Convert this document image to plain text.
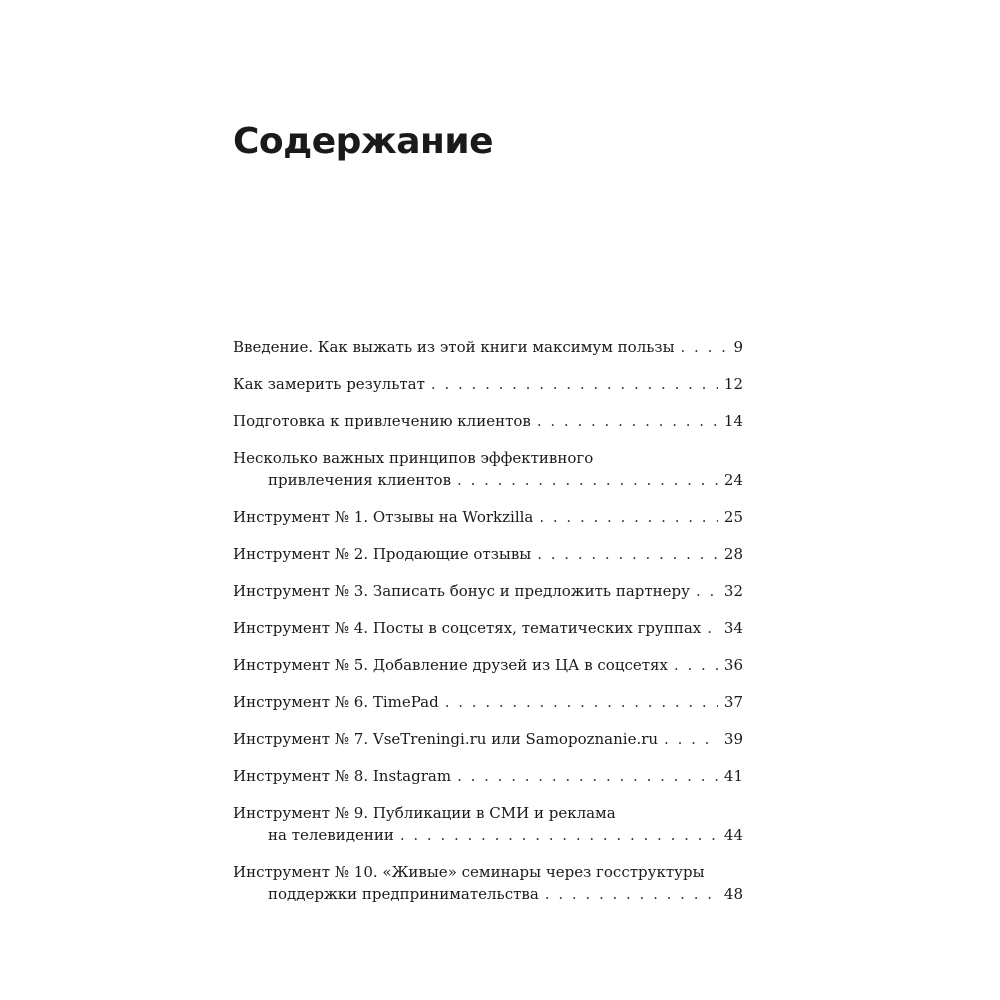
Содержание
Введение. Как выжать из этой книги максимум пользы . . .	9
Как замерить результат . . .	12
Подготовка к привлечению клиентов . . .	14
Несколько важных принципов эффективного
привлечения клиентов . . .	24
Инструмент № 1. Отзывы на Workzilla . . .	25
Инструмент № 2. Продающие отзывы . . .	28
Инструмент № 3. Записать бонус и предложить партнеру . . . 32
Инструмент № 4. Посты в соцсетях, тематических группах . . . 34
Инструмент № 5. Добавление друзей из ЦА в соцсетях . . .	36
Инструмент № 6. TimePad . . .	37
Инструмент № 7. VseTreningi.ru или Samopoznanie.ru . . .	39
Инструмент № 8. Instagram . . .	41
Инструмент № 9. Публикации в СМИ и реклама
на телевидении . . .	44
Инструмент № 10. «Живые» семинары через госструктуры
поддержки предпринимательства . . .	48
